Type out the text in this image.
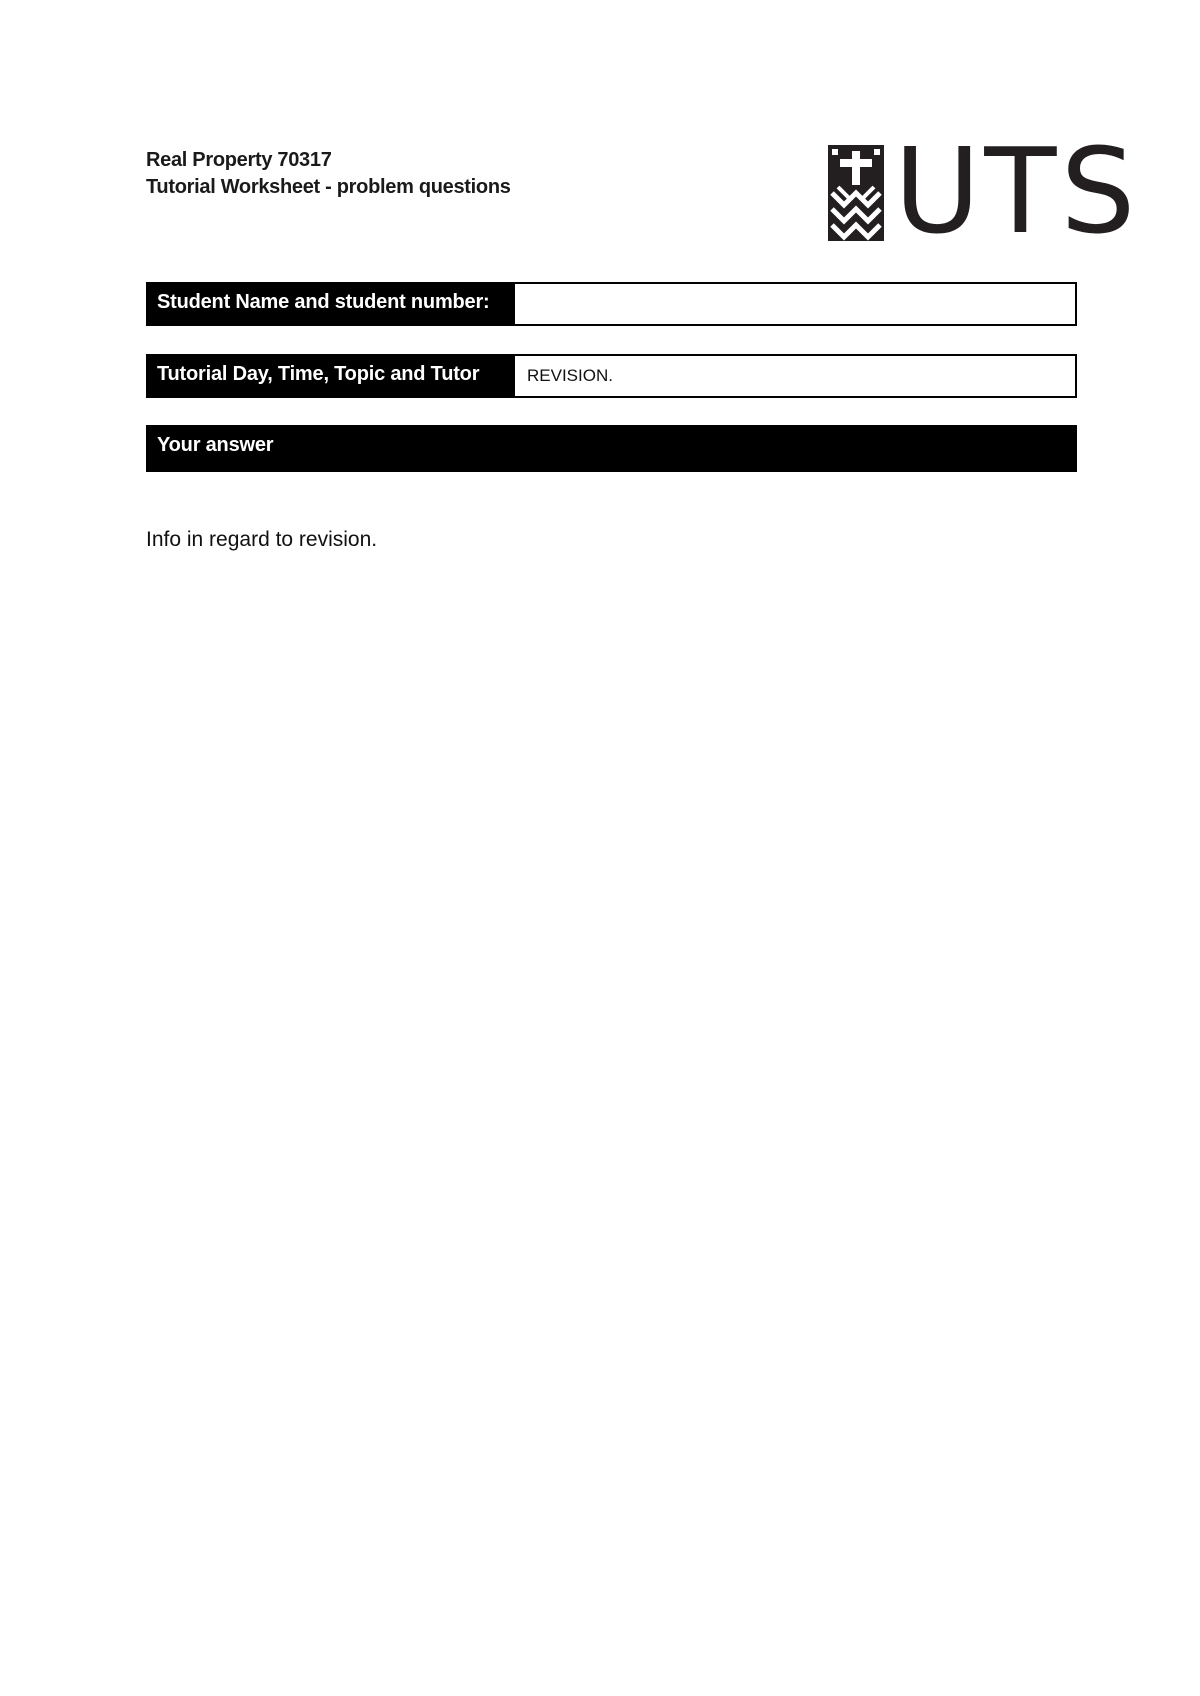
Real Property 70317
Tutorial Worksheet - problem questions	UTS
Student Name and student number:
Tutorial Day, Time, Topic and Tutor	REVISION.
Your answer
Info in regard to revision.
